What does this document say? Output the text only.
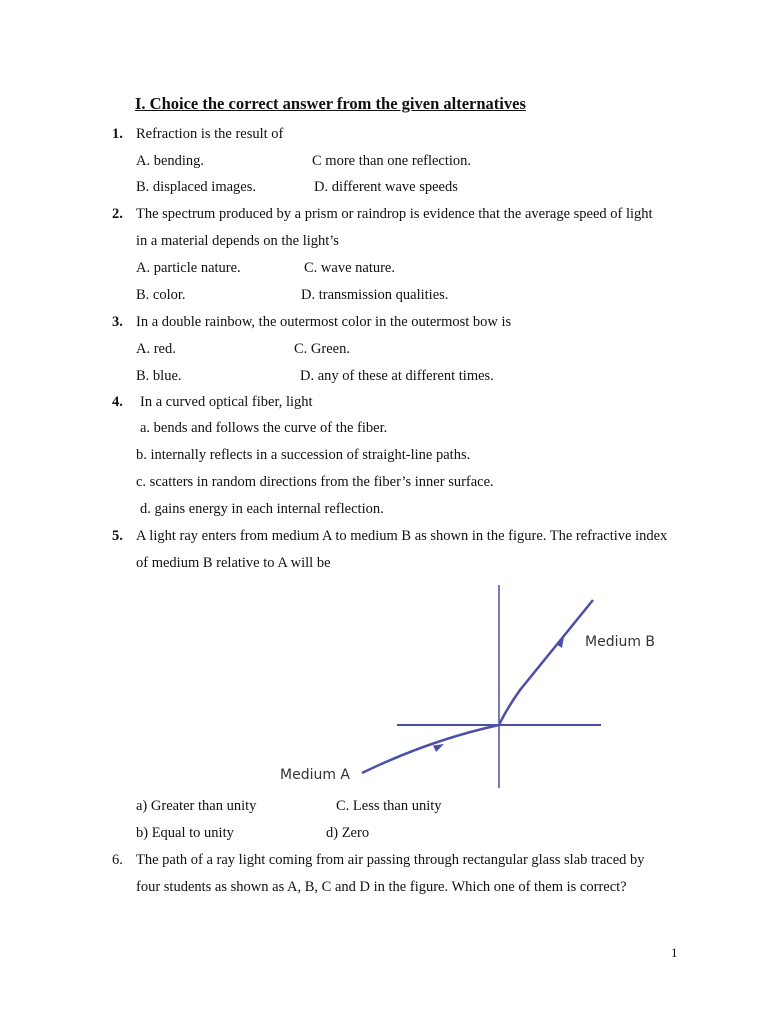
I. Choice the correct answer from the given alternatives
1. Refraction is the result of
A. bending.	C more than one reflection.
B. displaced images.	D. different wave speeds
2. The spectrum produced by a prism or raindrop is evidence that the average speed of light
in a material depends on the light’s
A. particle nature.	C. wave nature.
B. color.	D. transmission qualities.
3. In a double rainbow, the outermost color in the outermost bow is
A. red.	C. Green.
B. blue.	D. any of these at different times.
4. In a curved optical fiber, light
a. bends and follows the curve of the fiber.
b. internally reflects in a succession of straight-line paths.
c. scatters in random directions from the fiber’s inner surface.
d. gains energy in each internal reflection.
5. A light ray enters from medium A to medium B as shown in the figure. The refractive index
of medium B relative to A will be
Medium B
Medium A
a) Greater than unity	C. Less than unity
b) Equal to unity	d) Zero
6. The path of a ray light coming from air passing through rectangular glass slab traced by
four students as shown as A, B, C and D in the figure. Which one of them is correct?
1
